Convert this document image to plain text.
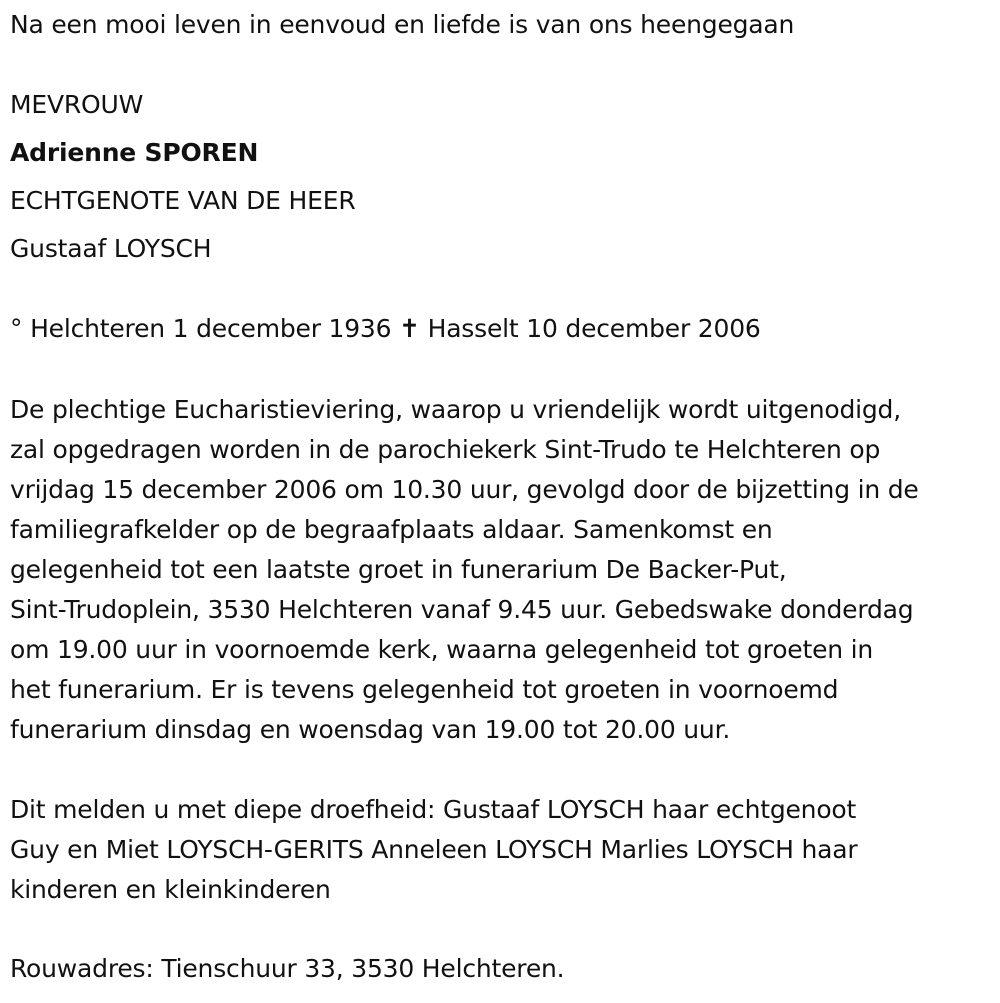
Na een mooi leven in eenvoud en liefde is van ons heengegaan
MEVROUW
Adrienne SPOREN
ECHTGENOTE VAN DE HEER
Gustaaf LOYSCH
° Helchteren 1 december 1936 ✝ Hasselt 10 december 2006
De plechtige Eucharistieviering, waarop u vriendelijk wordt uitgenodigd,
zal opgedragen worden in de parochiekerk Sint-Trudo te Helchteren op
vrijdag 15 december 2006 om 10.30 uur, gevolgd door de bijzetting in de
familiegrafkelder op de begraafplaats aldaar. Samenkomst en
gelegenheid tot een laatste groet in funerarium De Backer-Put,
Sint-Trudoplein, 3530 Helchteren vanaf 9.45 uur. Gebedswake donderdag
om 19.00 uur in voornoemde kerk, waarna gelegenheid tot groeten in
het funerarium. Er is tevens gelegenheid tot groeten in voornoemd
funerarium dinsdag en woensdag van 19.00 tot 20.00 uur.
Dit melden u met diepe droefheid: Gustaaf LOYSCH haar echtgenoot
Guy en Miet LOYSCH-GERITS Anneleen LOYSCH Marlies LOYSCH haar
kinderen en kleinkinderen
Rouwadres: Tienschuur 33, 3530 Helchteren.
